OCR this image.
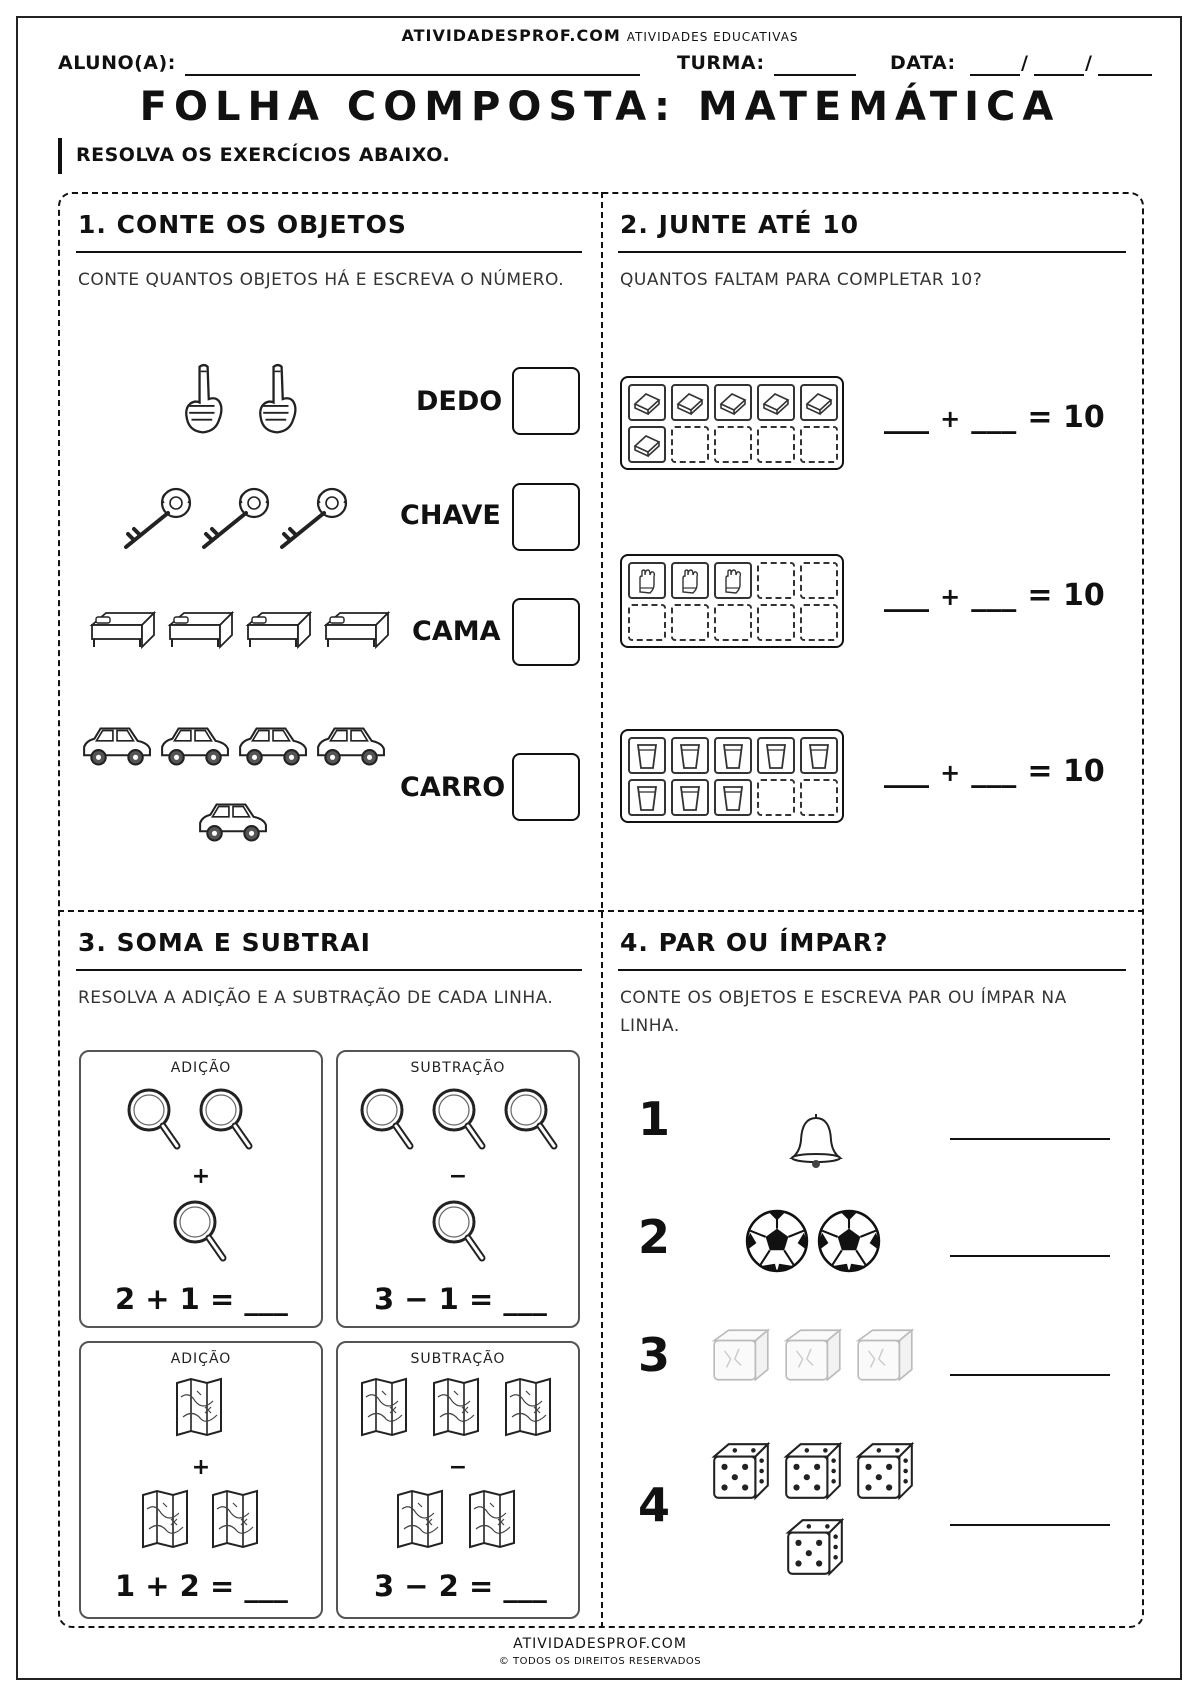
ATIVIDADESPROF.COM ATIVIDADES EDUCATIVAS
ALUNO(A):	TURMA:	DATA:	/	/
FOLHA COMPOSTA: MATEMÁTICA
RESOLVA OS EXERCÍCIOS ABAIXO.
1. CONTE OS OBJETOS
CONTE QUANTOS OBJETOS HÁ E ESCREVA O NÚMERO.
DEDO
CHAVE
CAMA
CARRO
2. JUNTE ATÉ 10
QUANTOS FALTAM PARA COMPLETAR 10?
___ + ___ = 10
___ + ___ = 10
___ + ___ = 10
3. SOMA E SUBTRAI
RESOLVA A ADIÇÃO E A SUBTRAÇÃO DE CADA LINHA.
ADIÇÃO
+
2 + 1 = ___
SUBTRAÇÃO
−
3 − 1 = ___
ADIÇÃO
+
1 + 2 = ___
SUBTRAÇÃO
−
3 − 2 = ___
4. PAR OU ÍMPAR?
CONTE OS OBJETOS E ESCREVA PAR OU ÍMPAR NA LINHA.
1
2
3
4
ATIVIDADESPROF.COM
© TODOS OS DIREITOS RESERVADOS
